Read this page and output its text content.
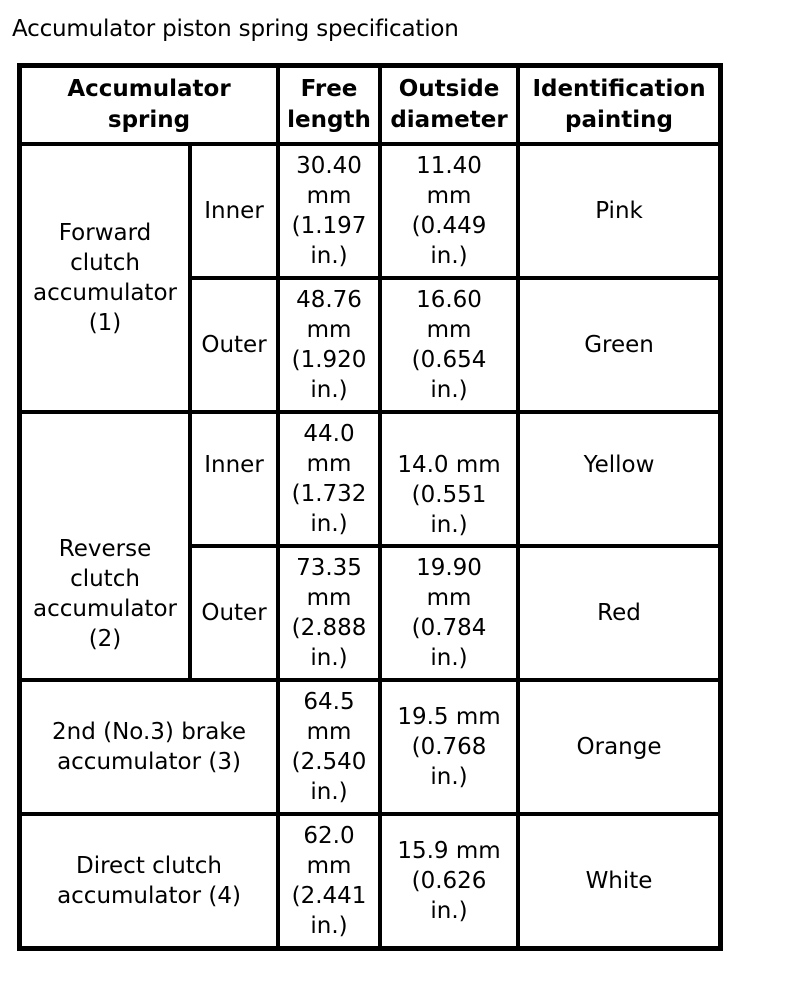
Accumulator piston spring specification
Accumulator
spring		Free
length	Outside
diameter	Identification
painting

Forward
clutch
accumulator
(1)	Inner	30.40
mm
(1.197
in.)	11.40
mm
(0.449
in.)	Pink

	Outer	48.76
mm
(1.920
in.)	16.60
mm
(0.654
in.)	Green

Reverse
clutch
accumulator
(2)	Inner	44.0
mm
(1.732
in.)	14.0 mm
(0.551
in.)	Yellow

	Outer	73.35
mm
(2.888
in.)	19.90
mm
(0.784
in.)	Red

2nd (No.3) brake
accumulator (3)		64.5
mm
(2.540
in.)	19.5 mm
(0.768
in.)	Orange

Direct clutch
accumulator (4)		62.0
mm
(2.441
in.)	15.9 mm
(0.626
in.)	White
